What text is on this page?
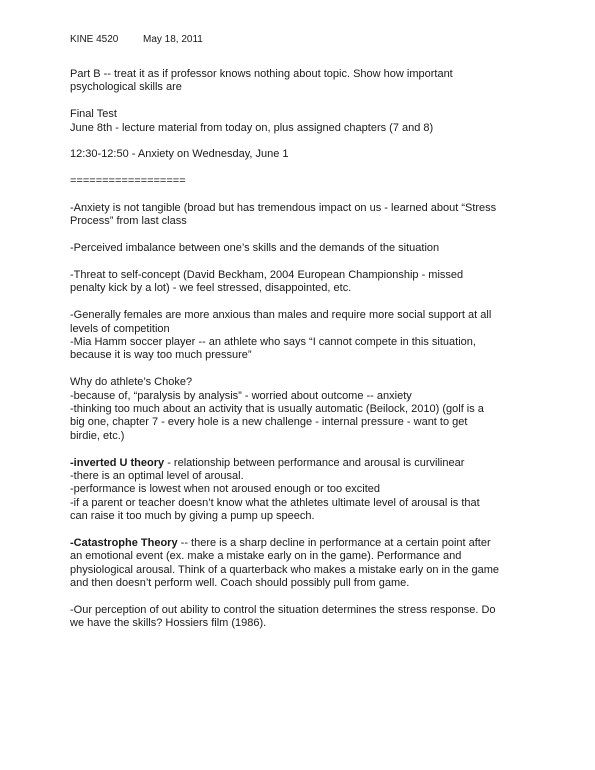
KINE 4520 May 18, 2011

Part B -- treat it as if professor knows nothing about topic. Show how important
psychological skills are

Final Test
June 8th - lecture material from today on, plus assigned chapters (7 and 8)

12:30-12:50 - Anxiety on Wednesday, June 1

==================

-Anxiety is not tangible (broad but has tremendous impact on us - learned about “Stress
Process” from last class

-Perceived imbalance between one’s skills and the demands of the situation

-Threat to self-concept (David Beckham, 2004 European Championship - missed
penalty kick by a lot) - we feel stressed, disappointed, etc.

-Generally females are more anxious than males and require more social support at all
levels of competition
-Mia Hamm soccer player -- an athlete who says “I cannot compete in this situation,
because it is way too much pressure”

Why do athlete’s Choke?
-because of, “paralysis by analysis” - worried about outcome -- anxiety
-thinking too much about an activity that is usually automatic (Beilock, 2010) (golf is a
big one, chapter 7 - every hole is a new challenge - internal pressure - want to get
birdie, etc.)

-inverted U theory - relationship between performance and arousal is curvilinear
-there is an optimal level of arousal.
-performance is lowest when not aroused enough or too excited
-if a parent or teacher doesn’t know what the athletes ultimate level of arousal is that
can raise it too much by giving a pump up speech.

-Catastrophe Theory -- there is a sharp decline in performance at a certain point after
an emotional event (ex. make a mistake early on in the game). Performance and
physiological arousal. Think of a quarterback who makes a mistake early on in the game
and then doesn’t perform well. Coach should possibly pull from game.

-Our perception of out ability to control the situation determines the stress response. Do
we have the skills? Hossiers film (1986).
